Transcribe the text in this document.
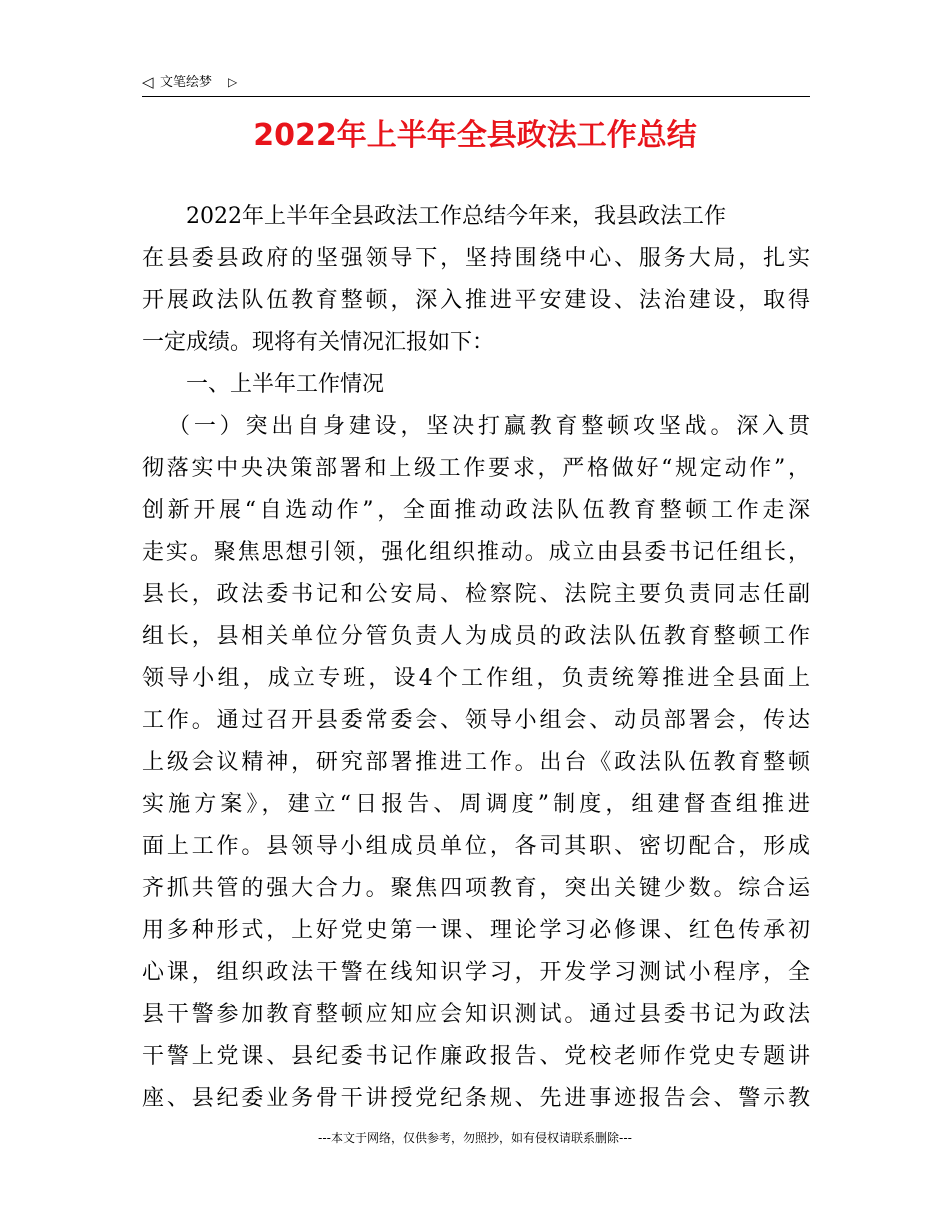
◁ 文笔绘梦 ▷
2022年上半年全县政法工作总结
2022年上半年全县政法工作总结今年来，我县政法工作
在县委县政府的坚强领导下，坚持围绕中心、服务大局，扎实
开展政法队伍教育整顿，深入推进平安建设、法治建设，取得
一定成绩。现将有关情况汇报如下：
一、上半年工作情况
（一）突出自身建设，坚决打赢教育整顿攻坚战。深入贯
彻落实中央决策部署和上级工作要求，严格做好“规定动作”，
创新开展“自选动作”，全面推动政法队伍教育整顿工作走深
走实。聚焦思想引领，强化组织推动。成立由县委书记任组长，
县长，政法委书记和公安局、检察院、法院主要负责同志任副
组长，县相关单位分管负责人为成员的政法队伍教育整顿工作
领导小组，成立专班，设4个工作组，负责统筹推进全县面上
工作。通过召开县委常委会、领导小组会、动员部署会，传达
上级会议精神，研究部署推进工作。出台《政法队伍教育整顿
实施方案》，建立“日报告、周调度”制度，组建督查组推进
面上工作。县领导小组成员单位，各司其职、密切配合，形成
齐抓共管的强大合力。聚焦四项教育，突出关键少数。综合运
用多种形式，上好党史第一课、理论学习必修课、红色传承初
心课，组织政法干警在线知识学习，开发学习测试小程序，全
县干警参加教育整顿应知应会知识测试。通过县委书记为政法
干警上党课、县纪委书记作廉政报告、党校老师作党史专题讲
座、县纪委业务骨干讲授党纪条规、先进事迹报告会、警示教
---本文于网络，仅供参考，勿照抄，如有侵权请联系删除---
